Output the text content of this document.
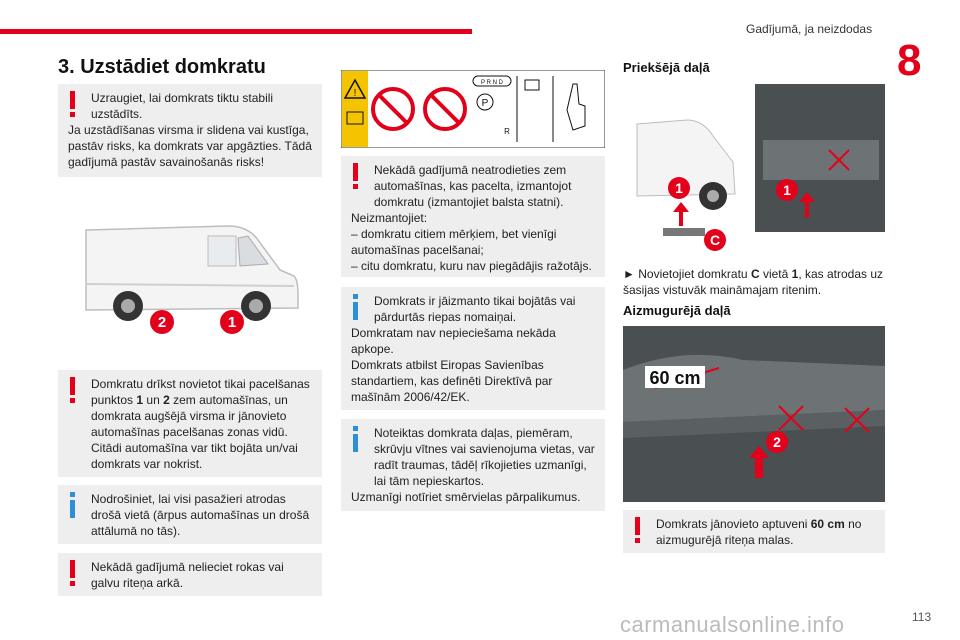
Gadījumā, ja neizdodas
8
3. Uzstādiet domkratu
Uzraugiet, lai domkrats tiktu stabili uzstādīts.

Ja uzstādīšanas virsma ir slidena vai kustīga, pastāv risks, ka domkrats var apgāzties. Tādā gadījumā pastāv savainošanās risks!

2	1
Domkratu drīkst novietot tikai pacelšanas punktos 1 un 2 zem automašīnas, un domkrata augšējā virsma ir jānovieto automašīnas pacelšanas zonas vidū. Citādi automašīna var tikt bojāta un/vai domkrats var nokrist.
Nodrošiniet, lai visi pasažieri atrodas drošā vietā (ārpus automašīnas un drošā attālumā no tās).
Nekādā gadījumā nelieciet rokas vai galvu riteņa arkā.
!
P R N D
P
R
Nekādā gadījumā neatrodieties zem automašīnas, kas pacelta, izmantojot domkratu (izmantojiet balsta statni).

Neizmantojiet:

– domkratu citiem mērķiem, bet vienīgi automašīnas pacelšanai;

– citu domkratu, kuru nav piegādājis ražotājs.

Domkrats ir jāizmanto tikai bojātās vai pārdurtās riepas nomaiņai.

Domkratam nav nepieciešama nekāda apkope.

Domkrats atbilst Eiropas Savienības standartiem, kas definēti Direktīvā par mašīnām 2006/42/EK.

Noteiktas domkrata daļas, piemēram, skrūvju vītnes vai savienojuma vietas, var radīt traumas, tādēļ rīkojieties uzmanīgi, lai tām nepieskartos.

Uzmanīgi notīriet smērvielas pārpalikumus.

Priekšējā daļā
1
C
1
► Novietojiet domkratu C vietā 1, kas atrodas uz šasijas vistuvāk maināmajam ritenim.
Aizmugurējā daļā
60 cm
2
Domkrats jānovieto aptuveni 60 cm no aizmugurējā riteņa malas.
carmanualsonline.info	113
